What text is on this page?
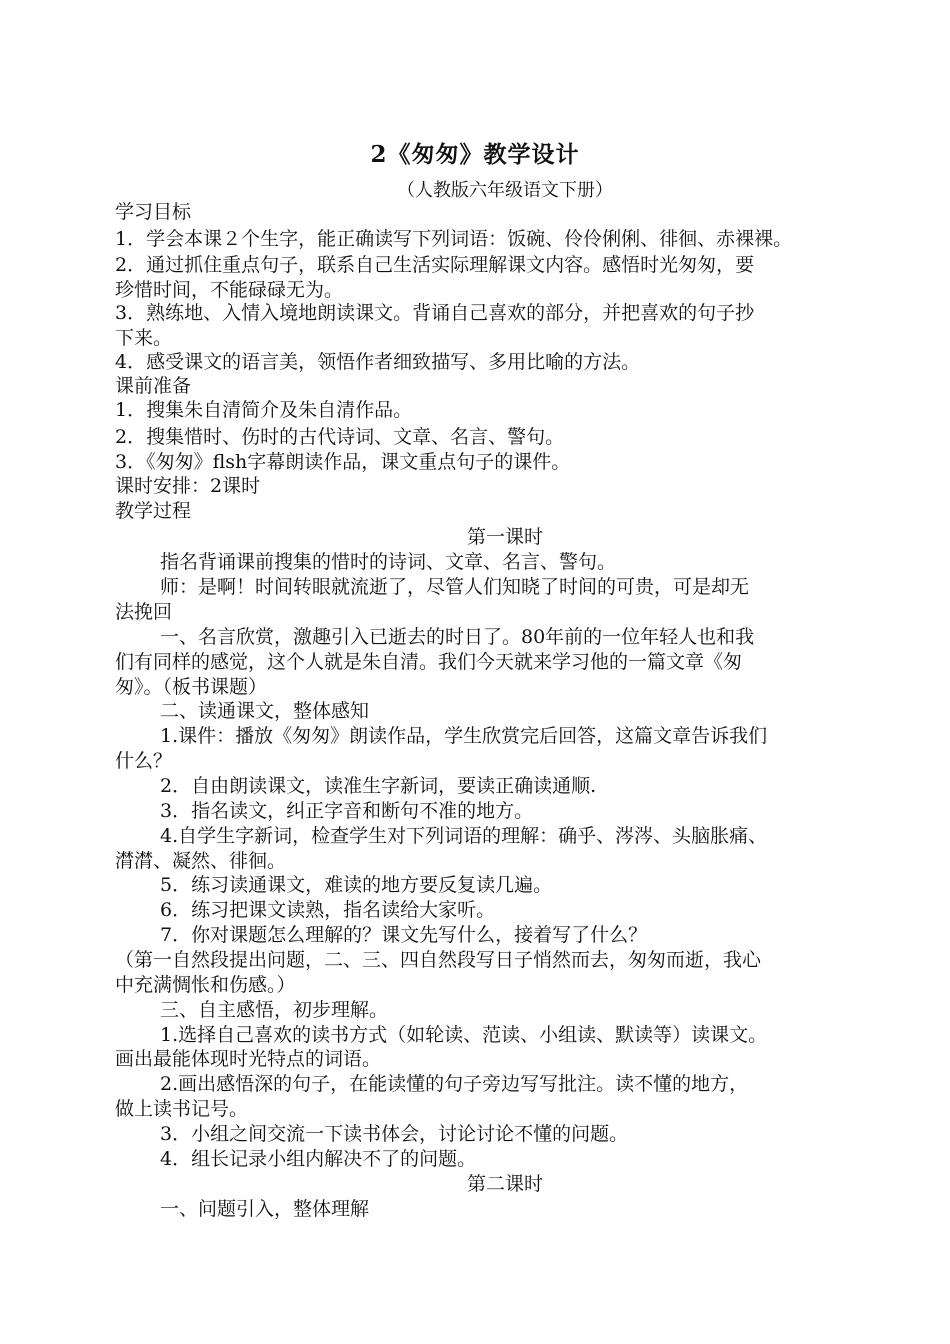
2《匆匆》教学设计
（人教版六年级语文下册）
学习目标
1．学会本课２个生字，能正确读写下列词语：饭碗、伶伶俐俐、徘徊、赤裸裸。
2．通过抓住重点句子，联系自己生活实际理解课文内容。感悟时光匆匆，要
珍惜时间，不能碌碌无为。
3．熟练地、入情入境地朗读课文。背诵自己喜欢的部分，并把喜欢的句子抄
下来。
4．感受课文的语言美，领悟作者细致描写、多用比喻的方法。
课前准备
1．搜集朱自清简介及朱自清作品。
2．搜集惜时、伤时的古代诗词、文章、名言、警句。
3．《匆匆》flsh字幕朗读作品，课文重点句子的课件。
课时安排：2课时
教学过程
第一课时
指名背诵课前搜集的惜时的诗词、文章、名言、警句。
师：是啊！时间转眼就流逝了，尽管人们知晓了时间的可贵，可是却无
法挽回
一、名言欣赏，激趣引入已逝去的时日了。80年前的一位年轻人也和我
们有同样的感觉，这个人就是朱自清。我们今天就来学习他的一篇文章《匆
匆》。（板书课题）
二、读通课文，整体感知
1.课件：播放《匆匆》朗读作品，学生欣赏完后回答，这篇文章告诉我们
什么？
2．自由朗读课文，读准生字新词，要读正确读通顺.
3．指名读文，纠正字音和断句不准的地方。
4.自学生字新词，检查学生对下列词语的理解：确乎、涔涔、头脑胀痛、
潸潸、凝然、徘徊。
5．练习读通课文，难读的地方要反复读几遍。
6．练习把课文读熟，指名读给大家听。
7．你对课题怎么理解的？课文先写什么，接着写了什么？
（第一自然段提出问题，二、三、四自然段写日子悄然而去，匆匆而逝，我心
中充满惆怅和伤感。）
三、自主感悟，初步理解。
1.选择自己喜欢的读书方式（如轮读、范读、小组读、默读等）读课文。
画出最能体现时光特点的词语。
2.画出感悟深的句子，在能读懂的句子旁边写写批注。读不懂的地方，
做上读书记号。
3．小组之间交流一下读书体会，讨论讨论不懂的问题。
4．组长记录小组内解决不了的问题。
第二课时
一、问题引入，整体理解
